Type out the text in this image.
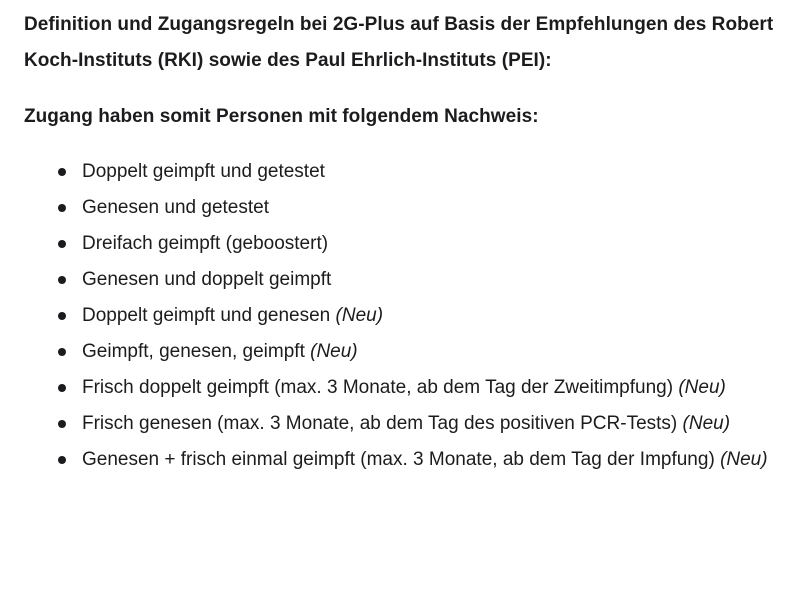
Definition und Zugangsregeln bei 2G-Plus auf Basis der Empfehlungen des Robert Koch-Instituts (RKI) sowie des Paul Ehrlich-Instituts (PEI):
Zugang haben somit Personen mit folgendem Nachweis:
Doppelt geimpft und getestet
Genesen und getestet
Dreifach geimpft (geboostert)
Genesen und doppelt geimpft
Doppelt geimpft und genesen (Neu)
Geimpft, genesen, geimpft (Neu)
Frisch doppelt geimpft (max. 3 Monate, ab dem Tag der Zweitimpfung) (Neu)
Frisch genesen (max. 3 Monate, ab dem Tag des positiven PCR-Tests) (Neu)
Genesen + frisch einmal geimpft (max. 3 Monate, ab dem Tag der Impfung) (Neu)
